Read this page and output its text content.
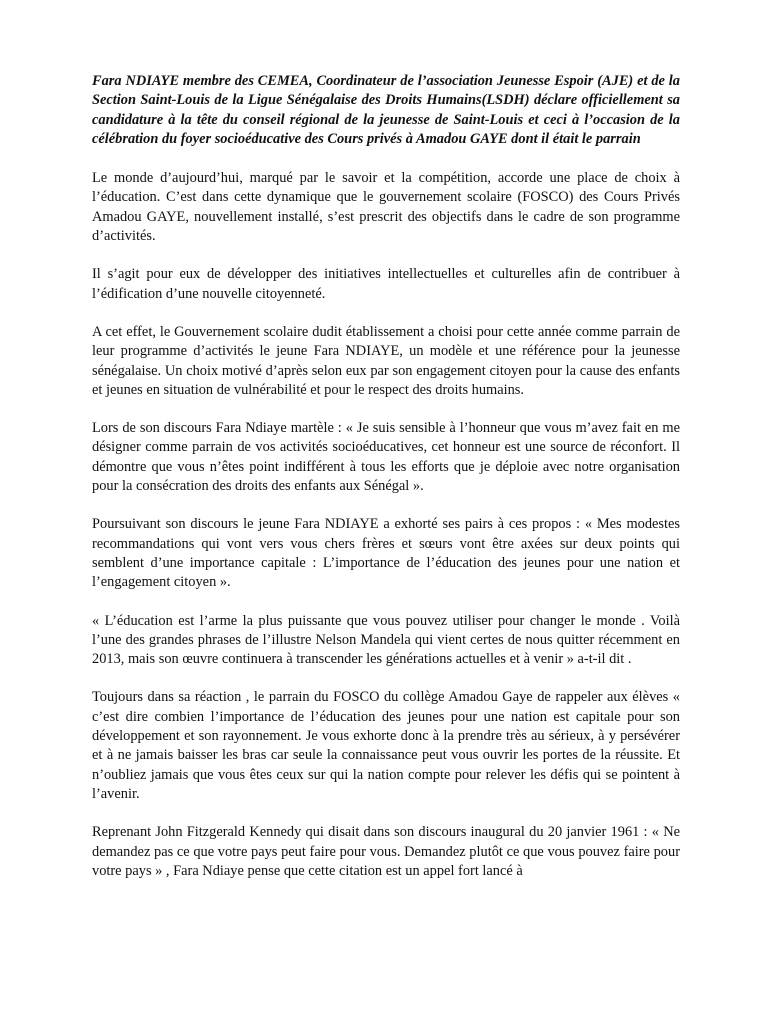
Fara NDIAYE membre des CEMEA, Coordinateur de l’association Jeunesse Espoir (AJE) et de la Section Saint-Louis de la Ligue Sénégalaise des Droits Humains(LSDH) déclare officiellement sa candidature à la tête du conseil régional de la jeunesse de Saint-Louis et ceci à l’occasion de la célébration du foyer socioéducative des Cours privés à Amadou GAYE dont il était le parrain

Le monde d’aujourd’hui, marqué par le savoir et la compétition, accorde une place de choix à l’éducation. C’est dans cette dynamique que le gouvernement scolaire (FOSCO) des Cours Privés Amadou GAYE, nouvellement installé, s’est prescrit des objectifs dans le cadre de son programme d’activités.

Il s’agit pour eux de développer des initiatives intellectuelles et culturelles afin de contribuer à l’édification d’une nouvelle citoyenneté.

A cet effet, le Gouvernement scolaire dudit établissement a choisi pour cette année comme parrain de leur programme d’activités le jeune Fara NDIAYE, un modèle et une référence pour la jeunesse sénégalaise. Un choix motivé d’après selon eux par son engagement citoyen pour la cause des enfants et jeunes en situation de vulnérabilité et pour le respect des droits humains.

Lors de son discours Fara Ndiaye martèle : « Je suis sensible à l’honneur que vous m’avez fait en me désigner comme parrain de vos activités socioéducatives, cet honneur est une source de réconfort. Il démontre que vous n’êtes point indifférent à tous les efforts que je déploie avec notre organisation pour la consécration des droits des enfants aux Sénégal ».

Poursuivant son discours le jeune Fara NDIAYE a exhorté ses pairs à ces propos : « Mes modestes recommandations qui vont vers vous chers frères et sœurs vont être axées sur deux points qui semblent d’une importance capitale : L’importance de l’éducation des jeunes pour une nation et l’engagement citoyen ».

« L’éducation est l’arme la plus puissante que vous pouvez utiliser pour changer le monde . Voilà l’une des grandes phrases de l’illustre Nelson Mandela qui vient certes de nous quitter récemment en 2013, mais son œuvre continuera à transcender les générations actuelles et à venir » a-t-il dit .

Toujours dans sa réaction , le parrain du FOSCO du collège Amadou Gaye de rappeler aux élèves « c’est dire combien l’importance de l’éducation des jeunes pour une nation est capitale pour son développement et son rayonnement. Je vous exhorte donc à la prendre très au sérieux, à y persévérer et à ne jamais baisser les bras car seule la connaissance peut vous ouvrir les portes de la réussite. Et n’oubliez jamais que vous êtes ceux sur qui la nation compte pour relever les défis qui se pointent à l’avenir.

Reprenant John Fitzgerald Kennedy qui disait dans son discours inaugural du 20 janvier 1961 : « Ne demandez pas ce que votre pays peut faire pour vous. Demandez plutôt ce que vous pouvez faire pour votre pays » , Fara Ndiaye pense que cette citation est un appel fort lancé à
